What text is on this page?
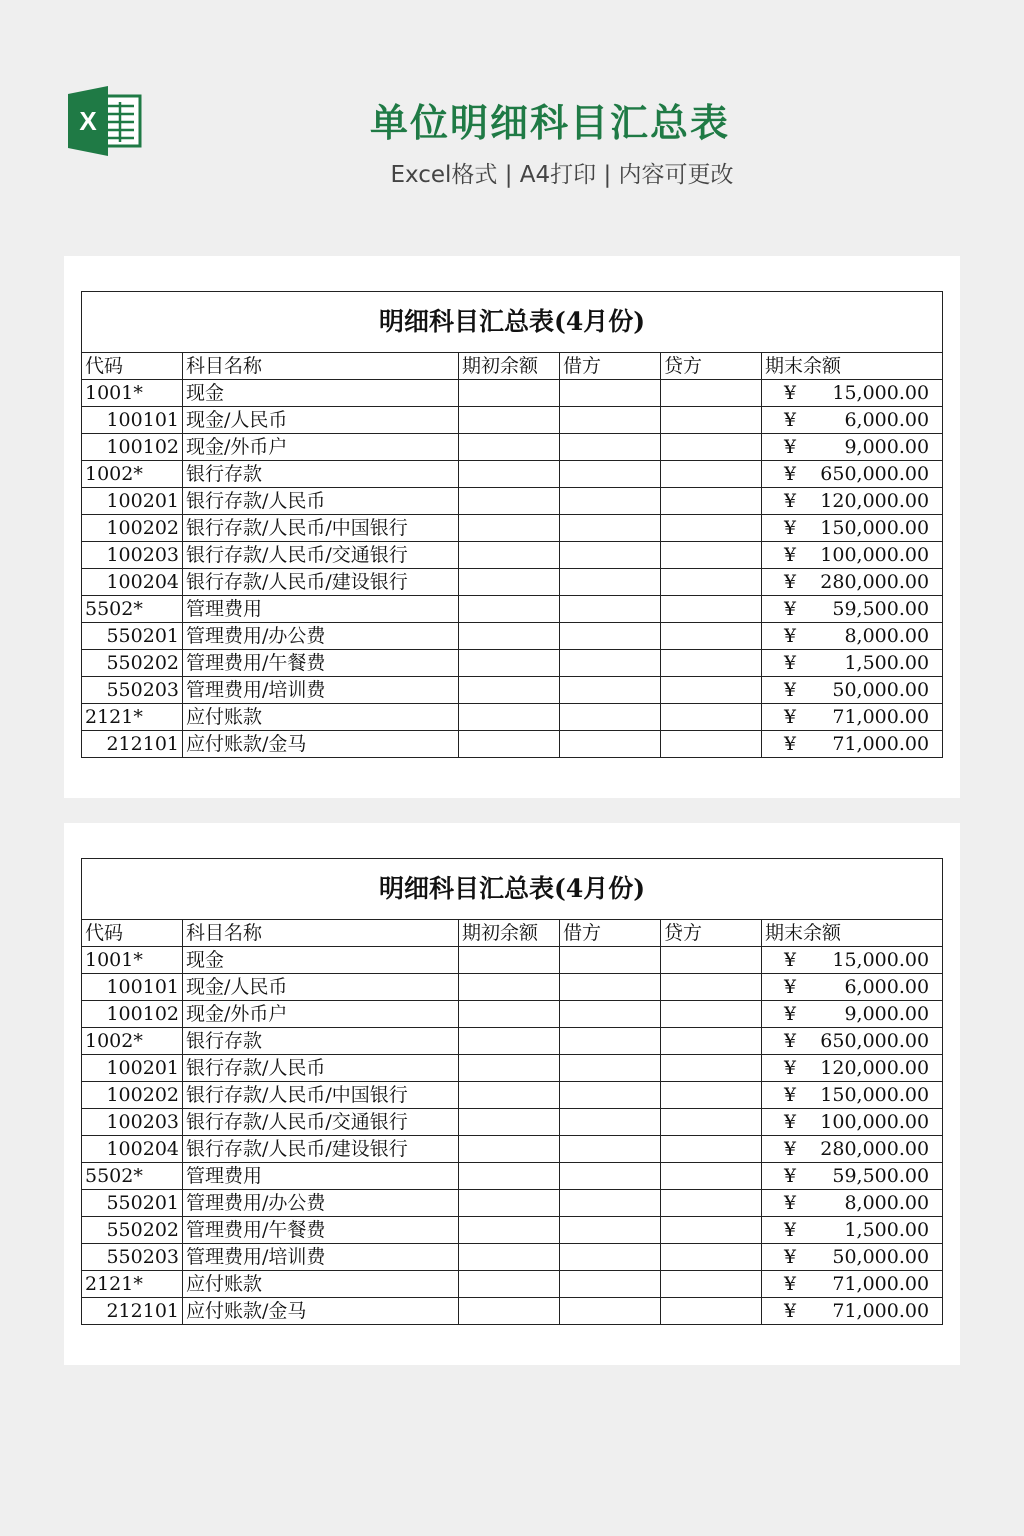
X	单位明细科目汇总表
Excel格式 | A4打印 | 内容可更改
明细科目汇总表(4月份)					
代码	科目名称	期初余额	借方	贷方	期末余额
1001*	现金				¥ 15,000.00

100101	现金/人民币				¥ 6,000.00

100102	现金/外币户				¥ 9,000.00

1002*	银行存款				¥ 650,000.00

100201	银行存款/人民币				¥ 120,000.00

100202	银行存款/人民币/中国银行				¥ 150,000.00

100203	银行存款/人民币/交通银行				¥ 100,000.00

100204	银行存款/人民币/建设银行				¥ 280,000.00

5502*	管理费用				¥ 59,500.00

550201	管理费用/办公费				¥ 8,000.00

550202	管理费用/午餐费				¥ 1,500.00

550203	管理费用/培训费				¥ 50,000.00

2121*	应付账款				¥ 71,000.00

212101	应付账款/金马				¥ 71,000.00
明细科目汇总表(4月份)					
代码	科目名称	期初余额	借方	贷方	期末余额
1001*	现金				¥ 15,000.00

100101	现金/人民币				¥ 6,000.00

100102	现金/外币户				¥ 9,000.00

1002*	银行存款				¥ 650,000.00

100201	银行存款/人民币				¥ 120,000.00

100202	银行存款/人民币/中国银行				¥ 150,000.00

100203	银行存款/人民币/交通银行				¥ 100,000.00

100204	银行存款/人民币/建设银行				¥ 280,000.00

5502*	管理费用				¥ 59,500.00

550201	管理费用/办公费				¥ 8,000.00

550202	管理费用/午餐费				¥ 1,500.00

550203	管理费用/培训费				¥ 50,000.00

2121*	应付账款				¥ 71,000.00

212101	应付账款/金马				¥ 71,000.00
